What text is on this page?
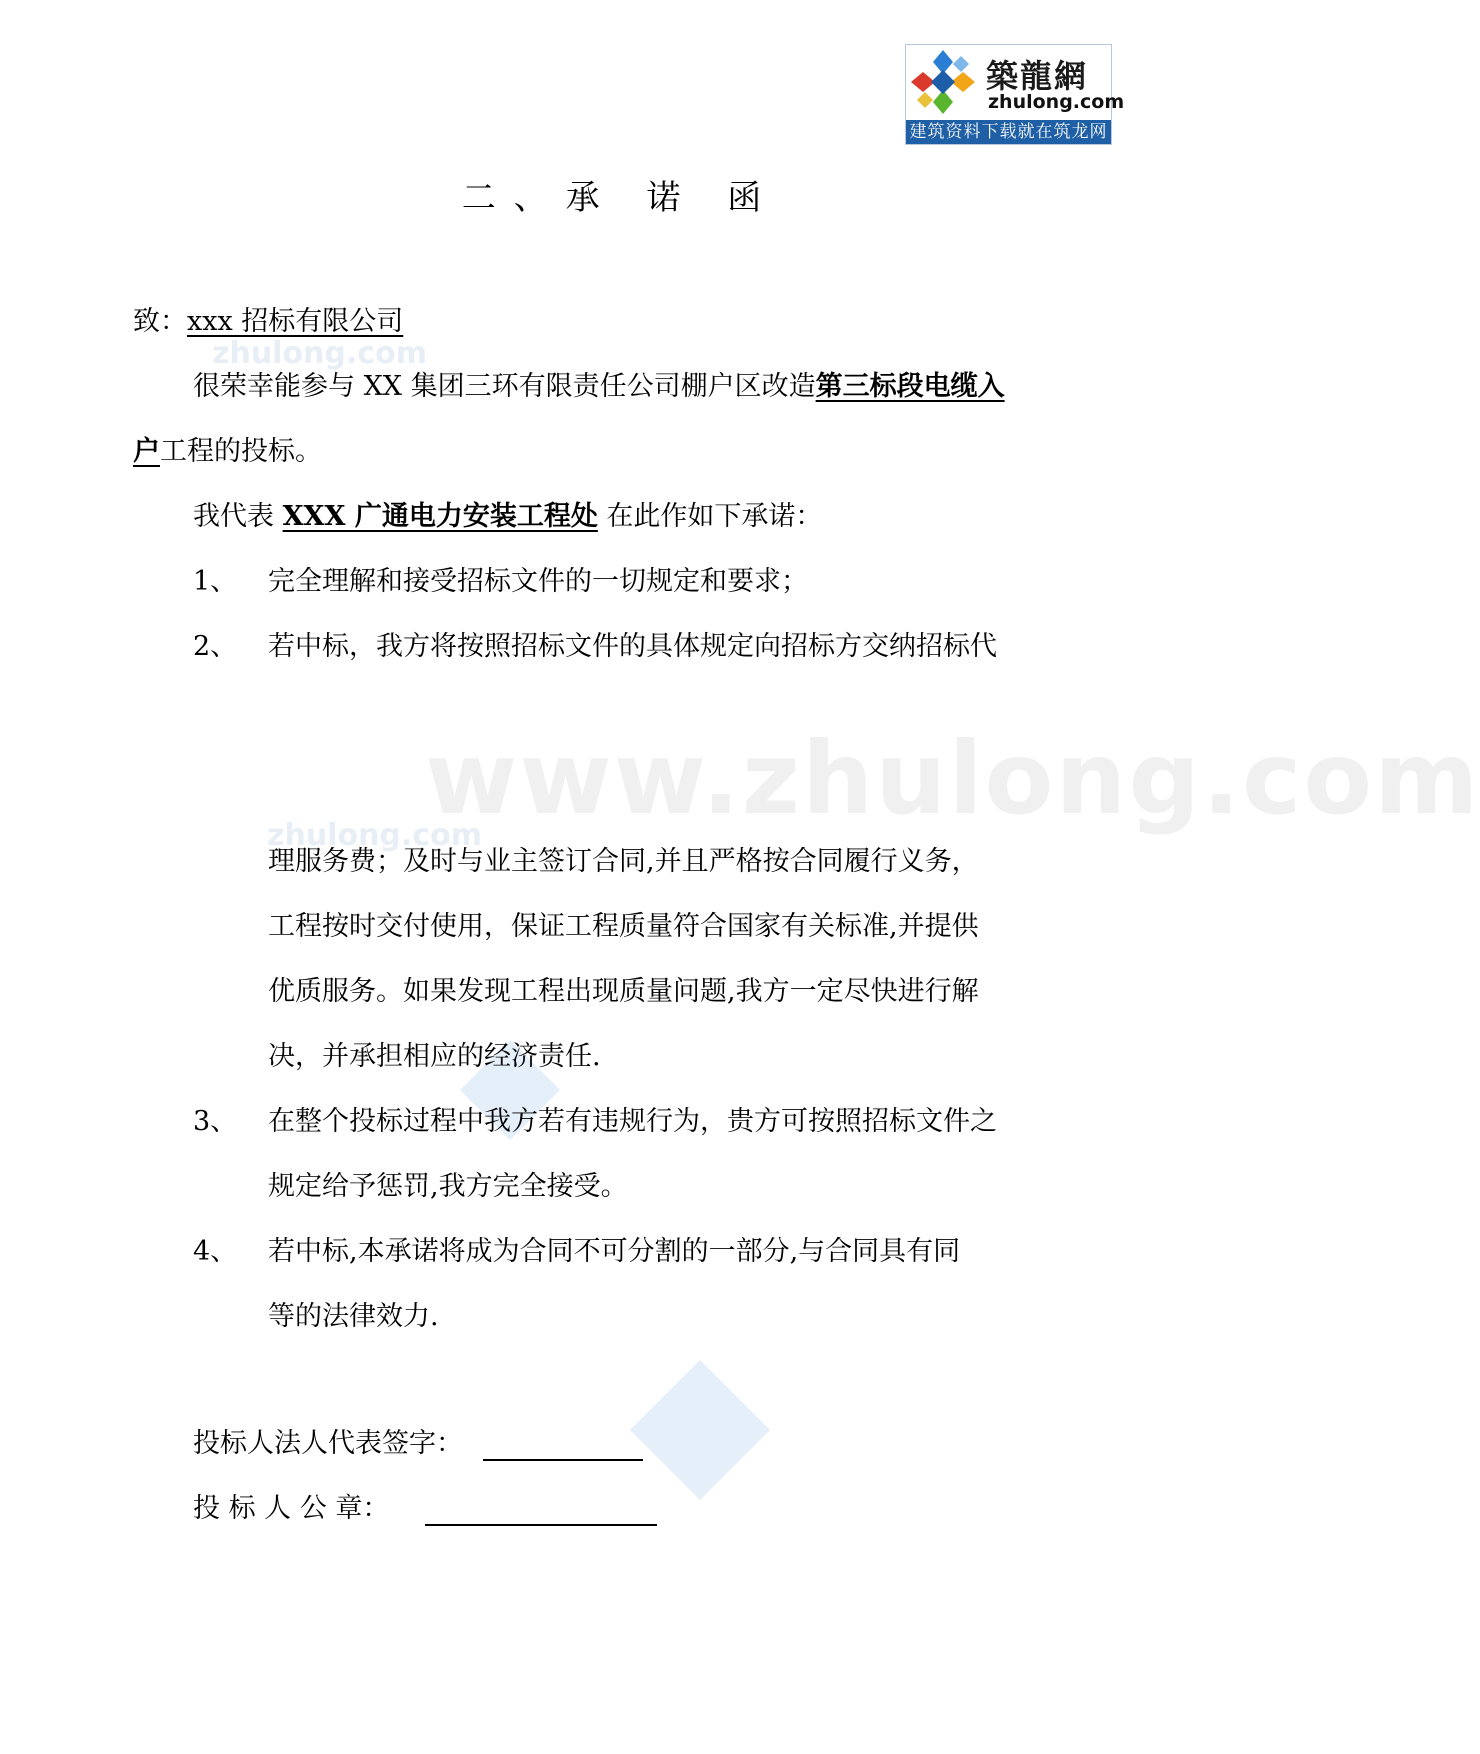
築龍網
zhulong.com
建筑资料下载就在筑龙网
zhulong.com
www.zhulong.com
zhulong.com
二、承 诺 函
致：xxx 招标有限公司
很荣幸能参与 XX 集团三环有限责任公司棚户区改造第三标段电缆入
户工程的投标。
我代表 XXX 广通电力安装工程处 在此作如下承诺：
1、 完全理解和接受招标文件的一切规定和要求；
2、 若中标，我方将按照招标文件的具体规定向招标方交纳招标代
理服务费；及时与业主签订合同,并且严格按合同履行义务，
工程按时交付使用，保证工程质量符合国家有关标准,并提供
优质服务。如果发现工程出现质量问题,我方一定尽快进行解
决，并承担相应的经济责任.
3、 在整个投标过程中我方若有违规行为，贵方可按照招标文件之
规定给予惩罚,我方完全接受。
4、 若中标,本承诺将成为合同不可分割的一部分,与合同具有同
等的法律效力.
投标人法人代表签字：
投 标 人 公 章：
